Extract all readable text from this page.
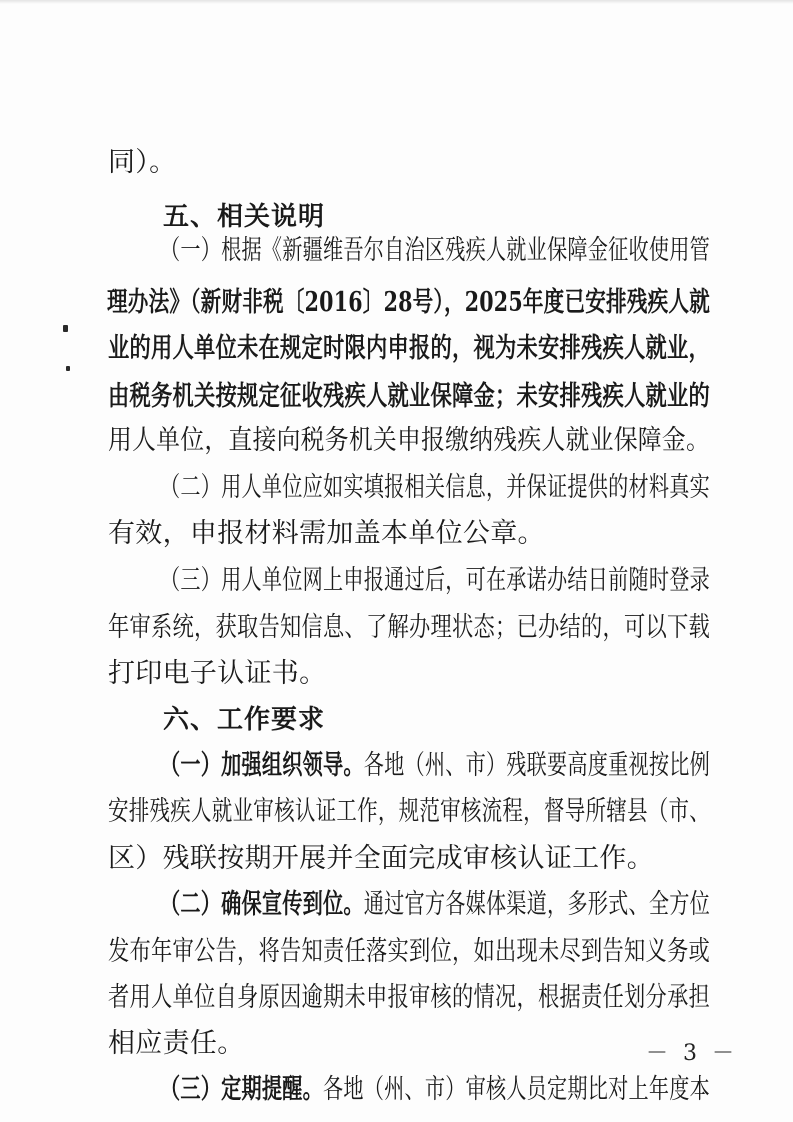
同）。
五、相关说明
（一）根据《新疆维吾尔自治区残疾人就业保障金征收使用管
理办法》（新财非税〔2016〕28号），2025年度已安排残疾人就
业的用人单位未在规定时限内申报的，视为未安排残疾人就业，
由税务机关按规定征收残疾人就业保障金；未安排残疾人就业的
用人单位，直接向税务机关申报缴纳残疾人就业保障金。
（二）用人单位应如实填报相关信息，并保证提供的材料真实
有效，申报材料需加盖本单位公章。
（三）用人单位网上申报通过后，可在承诺办结日前随时登录
年审系统，获取告知信息、了解办理状态；已办结的，可以下载
打印电子认证书。
六、工作要求
（一）加强组织领导。各地（州、市）残联要高度重视按比例
安排残疾人就业审核认证工作，规范审核流程，督导所辖县（市、
区）残联按期开展并全面完成审核认证工作。
（二）确保宣传到位。通过官方各媒体渠道，多形式、全方位
发布年审公告，将告知责任落实到位，如出现未尽到告知义务或
者用人单位自身原因逾期未申报审核的情况，根据责任划分承担
相应责任。
（三）定期提醒。各地（州、市）审核人员定期比对上年度本
－ 3 －
